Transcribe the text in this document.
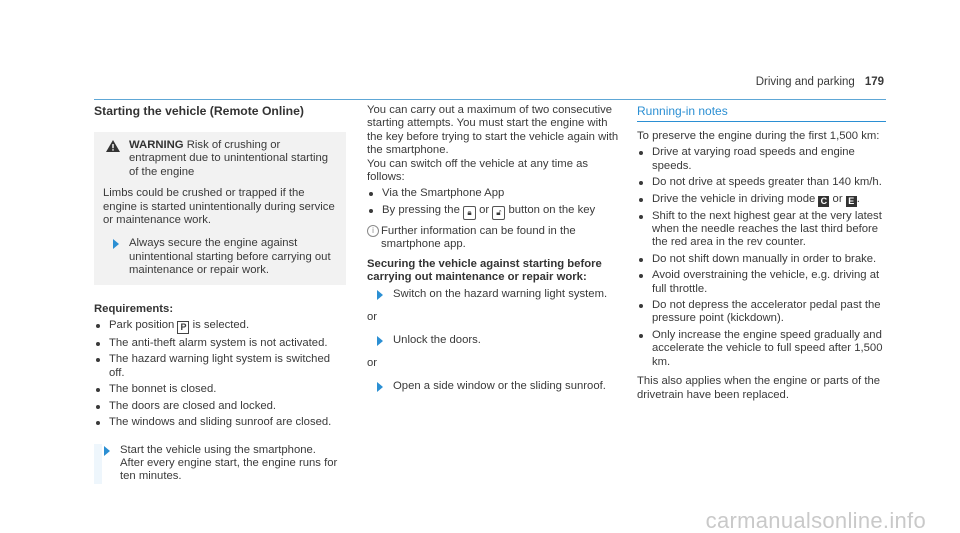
Driving and parking 179
Starting the vehicle (Remote Online)
WARNING Risk of crushing or entrapment due to unintentional starting of the engine
Limbs could be crushed or trapped if the engine is started unintentionally during service or maintenance work.
Always secure the engine against unintentional starting before carrying out maintenance or repair work.
Requirements:
Park position P is selected.
The anti-theft alarm system is not activated.
The hazard warning light system is switched off.
The bonnet is closed.
The doors are closed and locked.
The windows and sliding sunroof are closed.
Start the vehicle using the smartphone.
After every engine start, the engine runs for ten minutes.

You can carry out a maximum of two consecutive starting attempts. You must start the engine with the key before trying to start the vehicle again with the smartphone.

You can switch off the vehicle at any time as follows:

Via the Smartphone App
By pressing the 🔒︎ or 🔓︎ button on the key
i Further information can be found in the smartphone app.
Securing the vehicle against starting before carrying out maintenance or repair work:
Switch on the hazard warning light system.
or
Unlock the doors.
or
Open a side window or the sliding sunroof.
Running-in notes

To preserve the engine during the first 1,500 km:

Drive at varying road speeds and engine speeds.
Do not drive at speeds greater than 140 km/h.
Drive the vehicle in driving mode C or E .
Shift to the next highest gear at the very latest when the needle reaches the last third before the red area in the rev counter.
Do not shift down manually in order to brake.
Avoid overstraining the vehicle, e.g. driving at full throttle.
Do not depress the accelerator pedal past the pressure point (kickdown).
Only increase the engine speed gradually and accelerate the vehicle to full speed after 1,500 km.

This also applies when the engine or parts of the drivetrain have been replaced.

carmanualsonline.info
